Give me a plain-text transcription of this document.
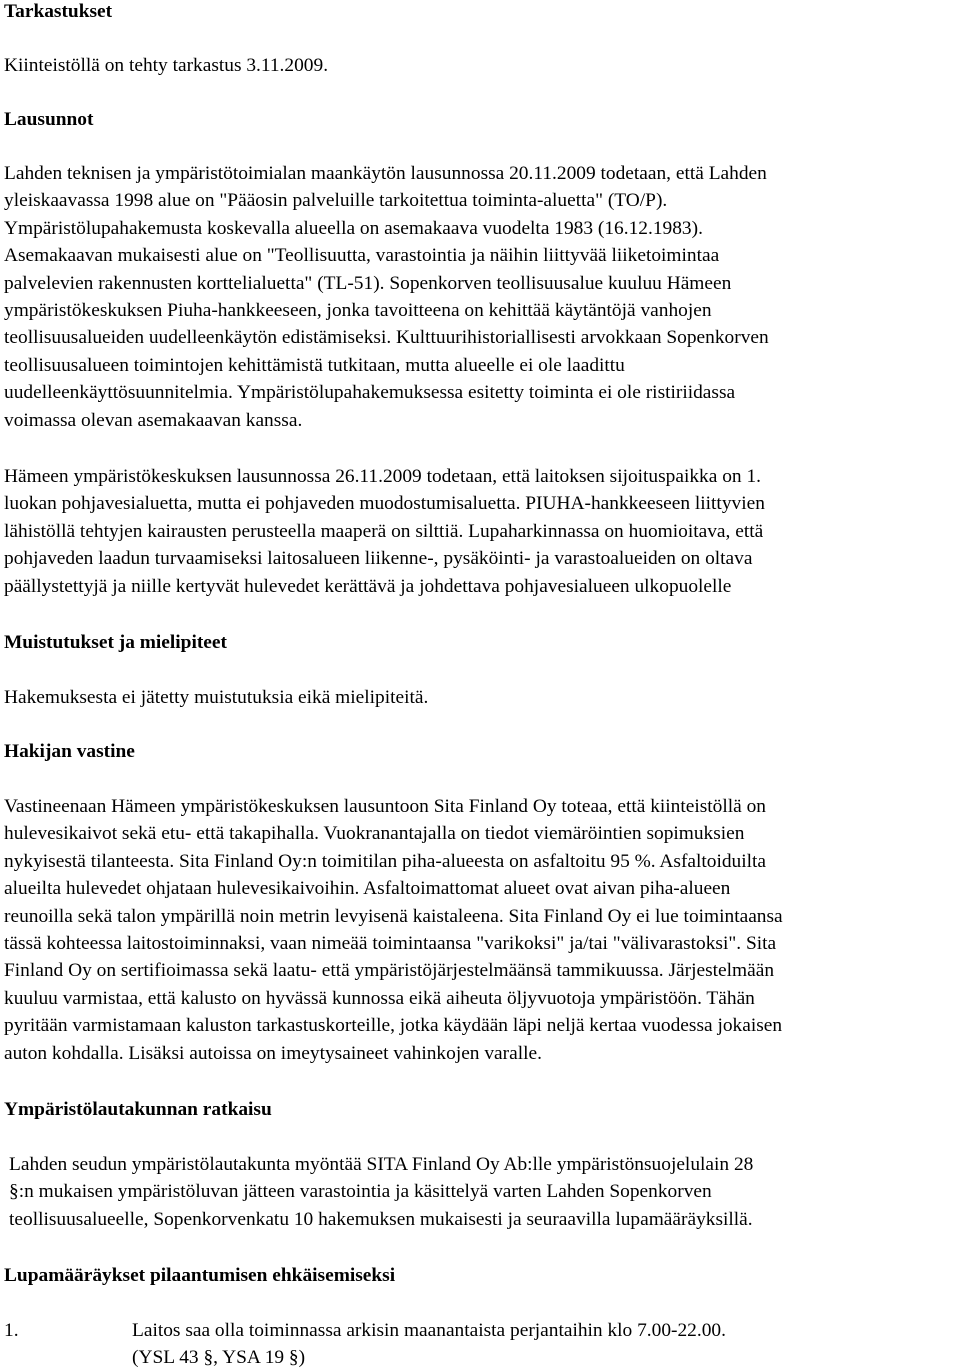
Tarkastukset
Kiinteistöllä on tehty tarkastus 3.11.2009.
Lausunnot
Lahden teknisen ja ympäristötoimialan maankäytön lausunnossa 20.11.2009 todetaan, että Lahden
yleiskaavassa 1998 alue on "Pääosin palveluille tarkoitettua toiminta-aluetta" (TO/P).
Ympäristölupahakemusta koskevalla alueella on asemakaava vuodelta 1983 (16.12.1983).
Asemakaavan mukaisesti alue on "Teollisuutta, varastointia ja näihin liittyvää liiketoimintaa
palvelevien rakennusten korttelialuetta" (TL-51). Sopenkorven teollisuusalue kuuluu Hämeen
ympäristökeskuksen Piuha-hankkeeseen, jonka tavoitteena on kehittää käytäntöjä vanhojen
teollisuusalueiden uudelleenkäytön edistämiseksi. Kulttuurihistoriallisesti arvokkaan Sopenkorven
teollisuusalueen toimintojen kehittämistä tutkitaan, mutta alueelle ei ole laadittu
uudelleenkäyttösuunnitelmia. Ympäristölupahakemuksessa esitetty toiminta ei ole ristiriidassa
voimassa olevan asemakaavan kanssa.
Hämeen ympäristökeskuksen lausunnossa 26.11.2009 todetaan, että laitoksen sijoituspaikka on 1.
luokan pohjavesialuetta, mutta ei pohjaveden muodostumisaluetta. PIUHA-hankkeeseen liittyvien
lähistöllä tehtyjen kairausten perusteella maaperä on silttiä. Lupaharkinnassa on huomioitava, että
pohjaveden laadun turvaamiseksi laitosalueen liikenne-, pysäköinti- ja varastoalueiden on oltava
päällystettyjä ja niille kertyvät hulevedet kerättävä ja johdettava pohjavesialueen ulkopuolelle
Muistutukset ja mielipiteet
Hakemuksesta ei jätetty muistutuksia eikä mielipiteitä.
Hakijan vastine
Vastineenaan Hämeen ympäristökeskuksen lausuntoon Sita Finland Oy toteaa, että kiinteistöllä on
hulevesikaivot sekä etu- että takapihalla. Vuokranantajalla on tiedot viemäröintien sopimuksien
nykyisestä tilanteesta. Sita Finland Oy:n toimitilan piha-alueesta on asfaltoitu 95 %. Asfaltoiduilta
alueilta hulevedet ohjataan hulevesikaivoihin. Asfaltoimattomat alueet ovat aivan piha-alueen
reunoilla sekä talon ympärillä noin metrin levyisenä kaistaleena. Sita Finland Oy ei lue toimintaansa
tässä kohteessa laitostoiminnaksi, vaan nimeää toimintaansa "varikoksi" ja/tai "välivarastoksi". Sita
Finland Oy on sertifioimassa sekä laatu- että ympäristöjärjestelmäänsä tammikuussa. Järjestelmään
kuuluu varmistaa, että kalusto on hyvässä kunnossa eikä aiheuta öljyvuotoja ympäristöön. Tähän
pyritään varmistamaan kaluston tarkastuskorteille, jotka käydään läpi neljä kertaa vuodessa jokaisen
auton kohdalla. Lisäksi autoissa on imeytysaineet vahinkojen varalle.
Ympäristölautakunnan ratkaisu
Lahden seudun ympäristölautakunta myöntää SITA Finland Oy Ab:lle ympäristönsuojelulain 28
§:n mukaisen ympäristöluvan jätteen varastointia ja käsittelyä varten Lahden Sopenkorven
teollisuusalueelle, Sopenkorvenkatu 10 hakemuksen mukaisesti ja seuraavilla lupamääräyksillä.
Lupamääräykset pilaantumisen ehkäisemiseksi
1.	Laitos saa olla toiminnassa arkisin maanantaista perjantaihin klo 7.00-22.00.
(YSL 43 §, YSA 19 §)
